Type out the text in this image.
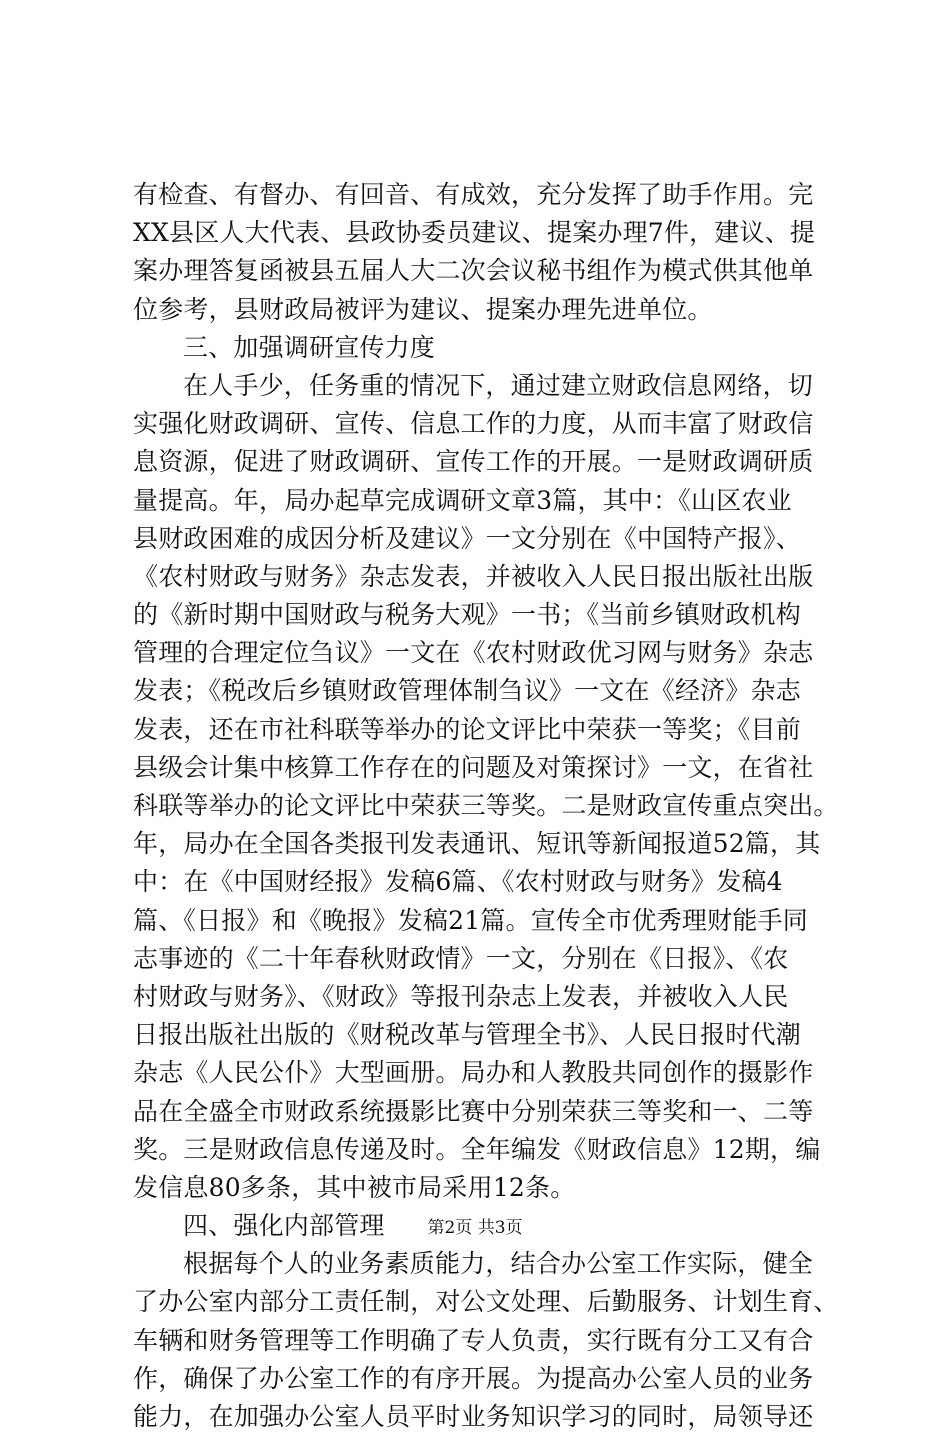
有检查、有督办、有回音、有成效，充分发挥了助手作用。完
XX县区人大代表、县政协委员建议、提案办理7件，建议、提
案办理答复函被县五届人大二次会议秘书组作为模式供其他单
位参考，县财政局被评为建议、提案办理先进单位。
三、加强调研宣传力度
在人手少，任务重的情况下，通过建立财政信息网络，切
实强化财政调研、宣传、信息工作的力度，从而丰富了财政信
息资源，促进了财政调研、宣传工作的开展。一是财政调研质
量提高。年，局办起草完成调研文章3篇，其中：《山区农业
县财政困难的成因分析及建议》一文分别在《中国特产报》、
《农村财政与财务》杂志发表，并被收入人民日报出版社出版
的《新时期中国财政与税务大观》一书；《当前乡镇财政机构
管理的合理定位刍议》一文在《农村财政优习网与财务》杂志
发表；《税改后乡镇财政管理体制刍议》一文在《经济》杂志
发表，还在市社科联等举办的论文评比中荣获一等奖；《目前
县级会计集中核算工作存在的问题及对策探讨》一文，在省社
科联等举办的论文评比中荣获三等奖。二是财政宣传重点突出。
年，局办在全国各类报刊发表通讯、短讯等新闻报道52篇，其
中：在《中国财经报》发稿6篇、《农村财政与财务》发稿4
篇、《日报》和《晚报》发稿21篇。宣传全市优秀理财能手同
志事迹的《二十年春秋财政情》一文，分别在《日报》、《农
村财政与财务》、《财政》等报刊杂志上发表，并被收入人民
日报出版社出版的《财税改革与管理全书》、人民日报时代潮
杂志《人民公仆》大型画册。局办和人教股共同创作的摄影作
品在全盛全市财政系统摄影比赛中分别荣获三等奖和一、二等
奖。三是财政信息传递及时。全年编发《财政信息》12期，编
发信息80多条，其中被市局采用12条。
四、强化内部管理
根据每个人的业务素质能力，结合办公室工作实际，健全
了办公室内部分工责任制，对公文处理、后勤服务、计划生育、
车辆和财务管理等工作明确了专人负责，实行既有分工又有合
作，确保了办公室工作的有序开展。为提高办公室人员的业务
能力，在加强办公室人员平时业务知识学习的同时，局领导还
第2页 共3页
